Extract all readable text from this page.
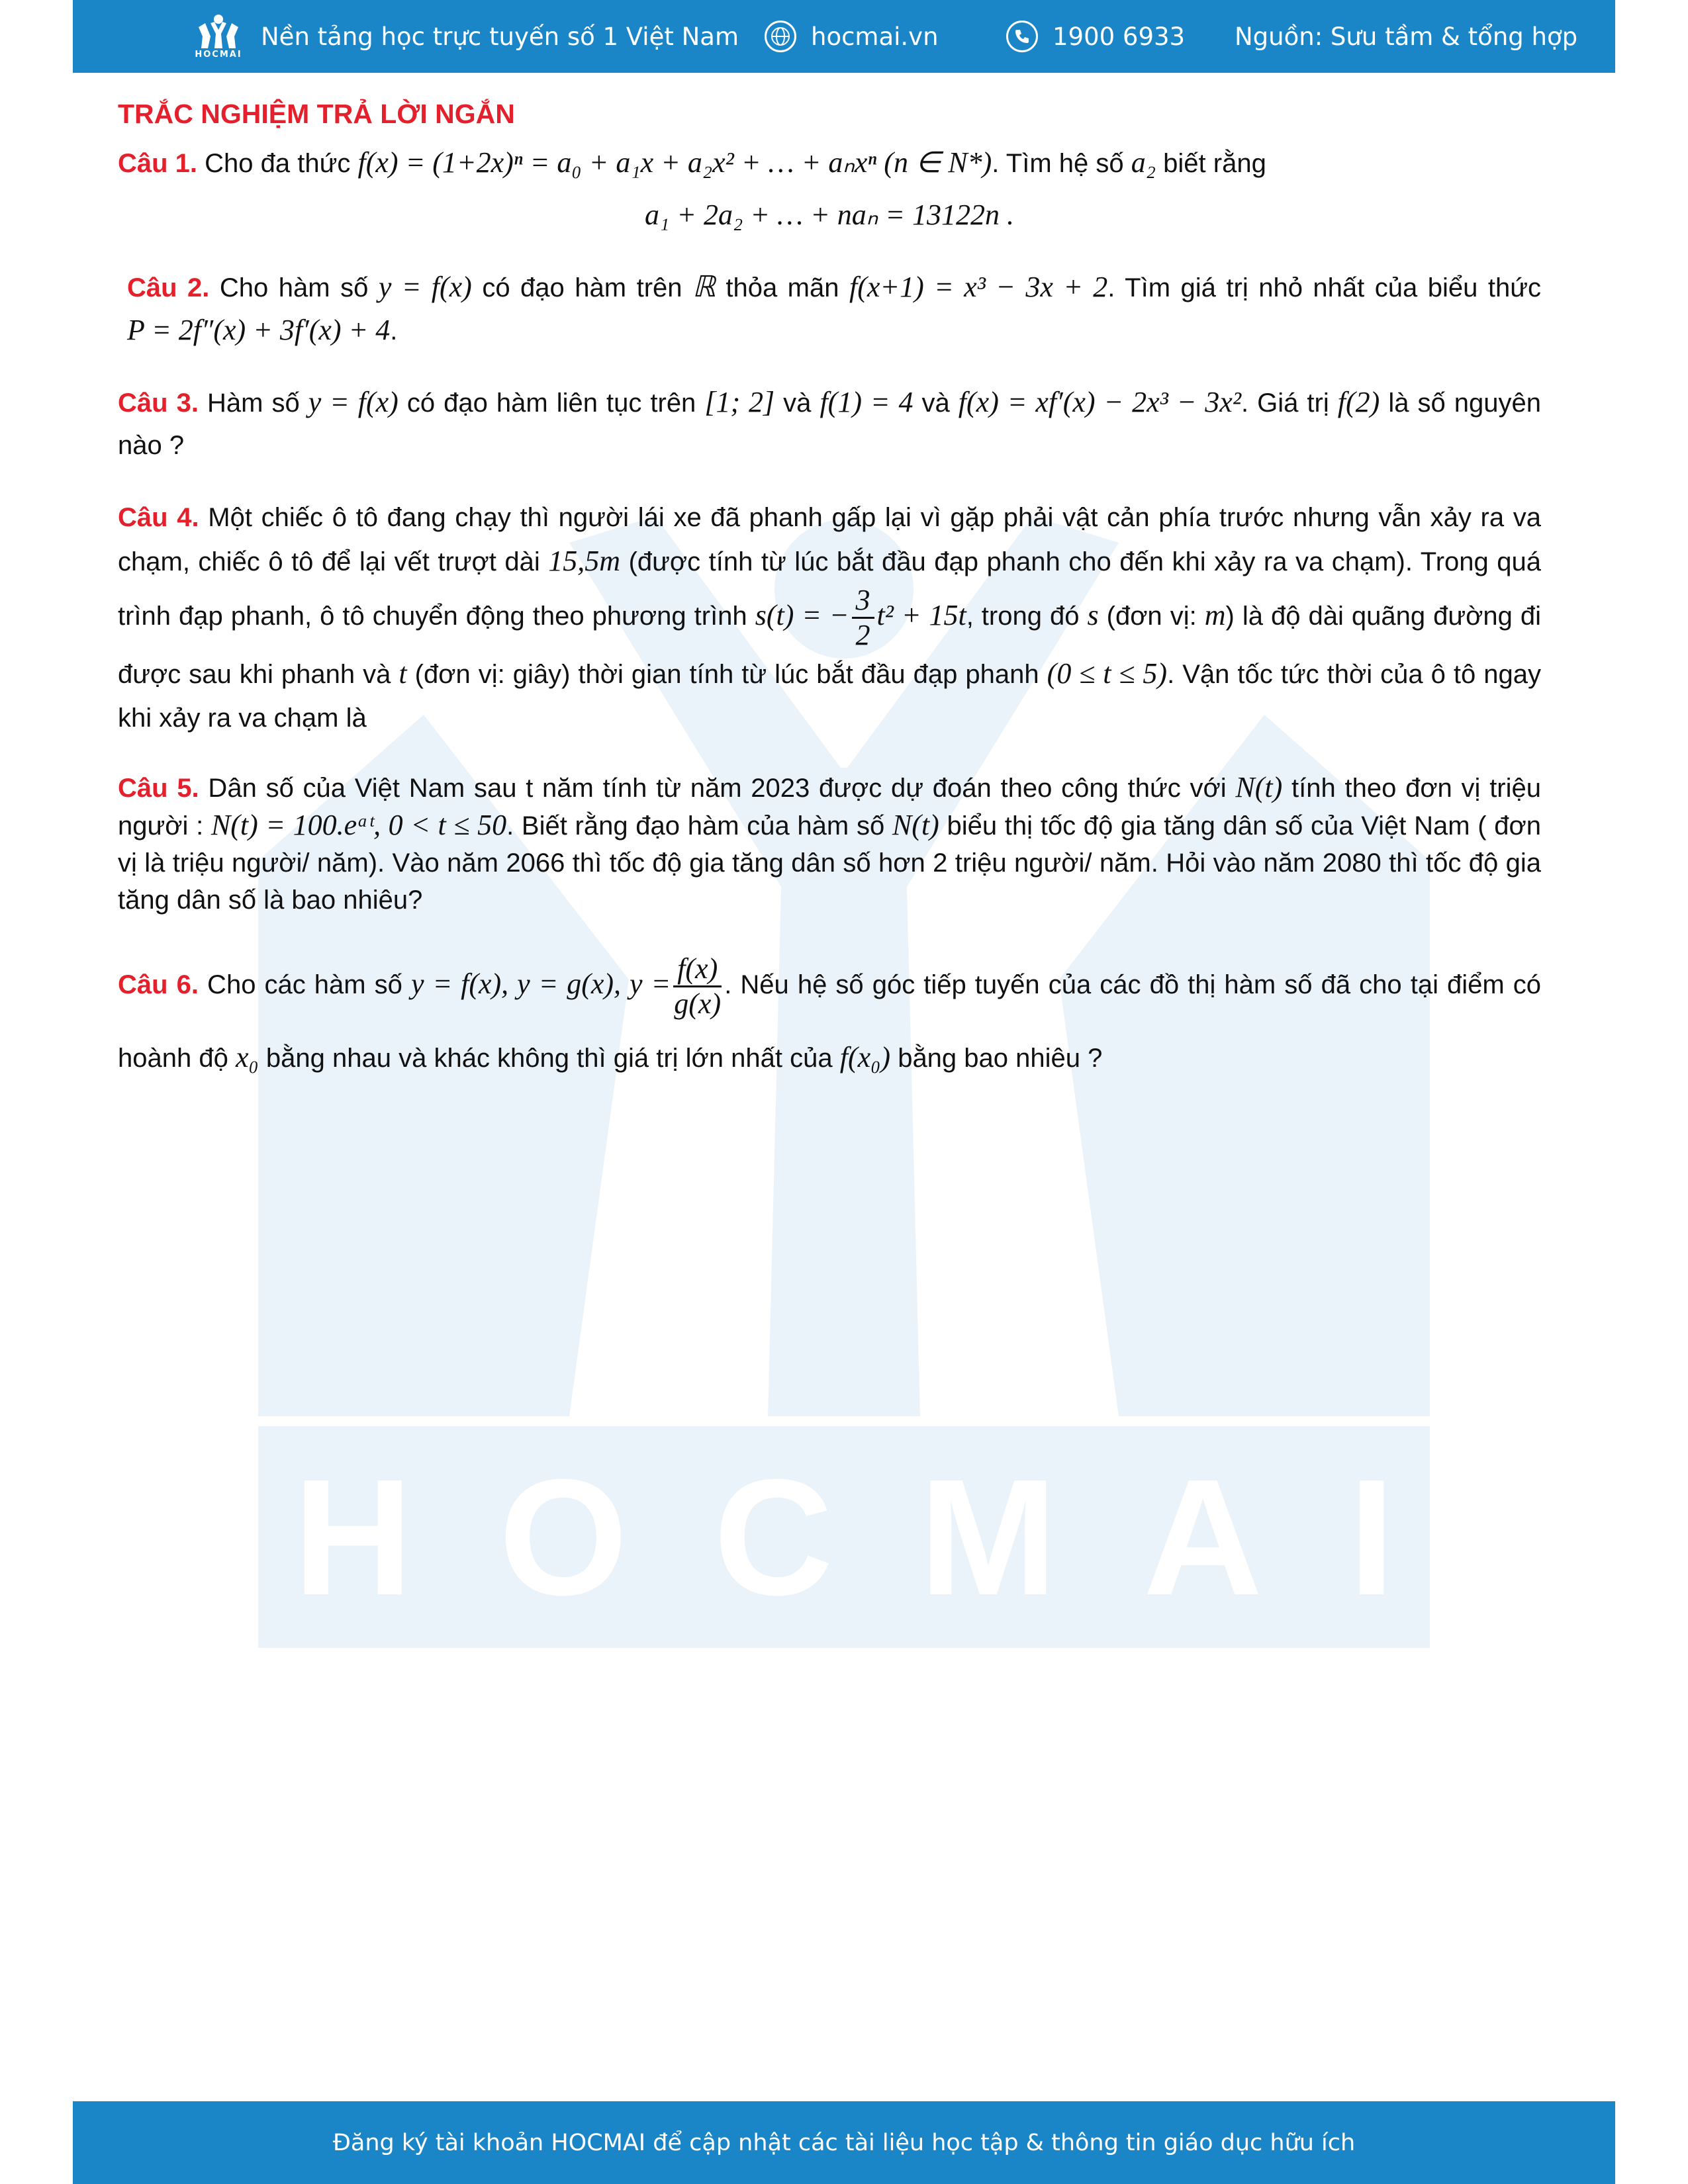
HOCMAI
HOCMAI
Nền tảng học trực tuyến số 1 Việt Nam	hocmai.vn	1900 6933 Nguồn: Sưu tầm & tổng hợp
TRẮC NGHIỆM TRẢ LỜI NGẮN
Câu 1. Cho đa thức f(x) = (1+2x)ⁿ = a₀ + a₁x + a₂x² + … + aₙxⁿ (n ∈ N*). Tìm hệ số a₂ biết rằng
a₁ + 2a₂ + … + naₙ = 13122n .
Câu 2. Cho hàm số y = f(x) có đạo hàm trên ℝ thỏa mãn f(x+1) = x³ − 3x + 2. Tìm giá trị nhỏ nhất của biểu thức P = 2f″(x) + 3f′(x) + 4.
Câu 3. Hàm số y = f(x) có đạo hàm liên tục trên [1; 2] và f(1) = 4 và f(x) = xf′(x) − 2x³ − 3x². Giá trị f(2) là số nguyên nào ?
Câu 4. Một chiếc ô tô đang chạy thì người lái xe đã phanh gấp lại vì gặp phải vật cản phía trước nhưng vẫn xảy ra va chạm, chiếc ô tô để lại vết trượt dài 15,5m (được tính từ lúc bắt đầu đạp phanh cho đến khi xảy ra va chạm). Trong quá trình đạp phanh, ô tô chuyển động theo phương trình s(t) = − $\frac{3}{2} t^2 + 15t$, trong đó s (đơn vị: m) là độ dài quãng đường đi được sau khi phanh và t (đơn vị: giây) thời gian tính từ lúc bắt đầu đạp phanh (0 ≤ t ≤ 5). Vận tốc tức thời của ô tô ngay khi xảy ra va chạm là
Câu 5. Dân số của Việt Nam sau t năm tính từ năm 2023 được dự đoán theo công thức với N(t) tính theo đơn vị triệu người : N(t) = 100.eᵃᵗ, 0 < t ≤ 50. Biết rằng đạo hàm của hàm số N(t) biểu thị tốc độ gia tăng dân số của Việt Nam ( đơn vị là triệu người/ năm). Vào năm 2066 thì tốc độ gia tăng dân số hơn 2 triệu người/ năm. Hỏi vào năm 2080 thì tốc độ gia tăng dân số là bao nhiêu?
Câu 6. Cho các hàm số y = f(x), y = g(x), $y = \frac{f(x)}{g(x)}$ . Nếu hệ số góc tiếp tuyến của các đồ thị hàm số đã cho tại điểm có hoành độ x₀ bằng nhau và khác không thì giá trị lớn nhất của f(x₀) bằng bao nhiêu ?
Đăng ký tài khoản HOCMAI để cập nhật các tài liệu học tập & thông tin giáo dục hữu ích
